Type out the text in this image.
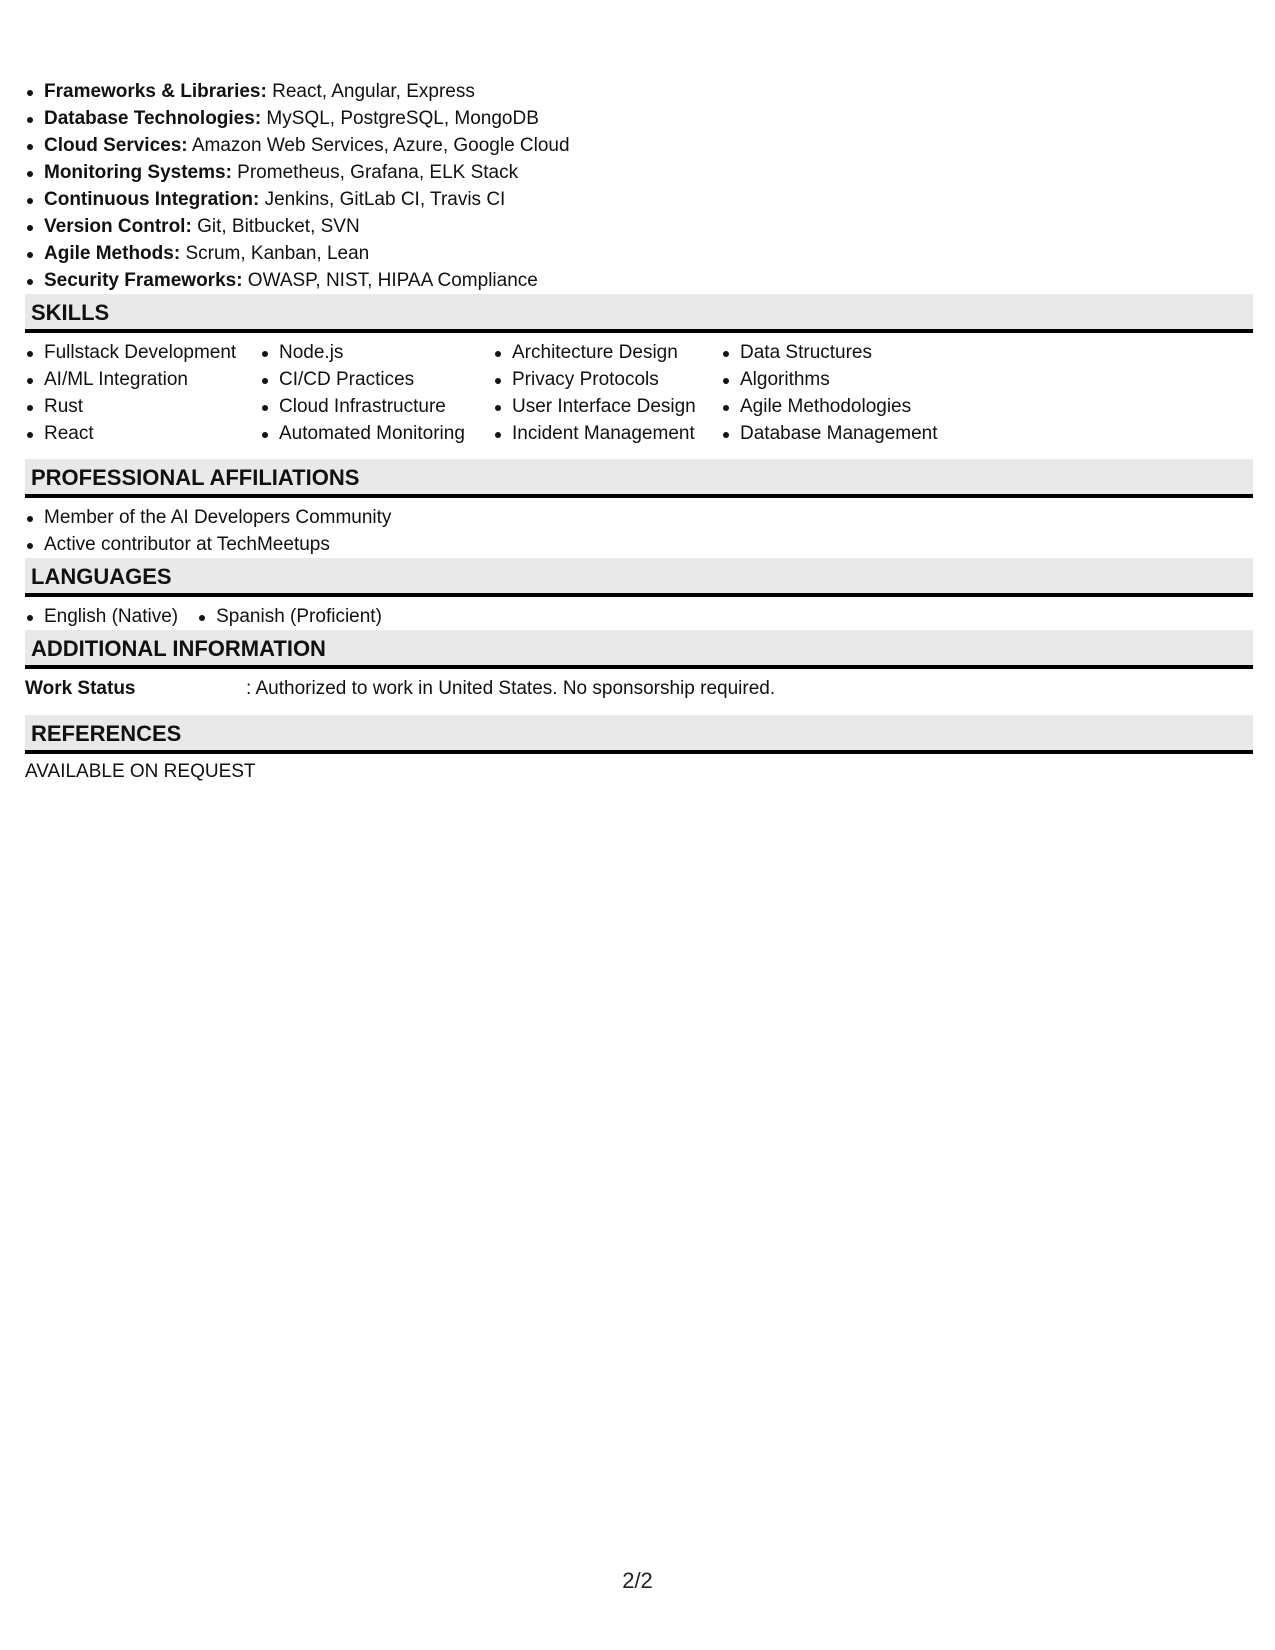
Frameworks & Libraries: React, Angular, Express
Database Technologies: MySQL, PostgreSQL, MongoDB
Cloud Services: Amazon Web Services, Azure, Google Cloud
Monitoring Systems: Prometheus, Grafana, ELK Stack
Continuous Integration: Jenkins, GitLab CI, Travis CI
Version Control: Git, Bitbucket, SVN
Agile Methods: Scrum, Kanban, Lean
Security Frameworks: OWASP, NIST, HIPAA Compliance
SKILLS
Fullstack Development
AI/ML Integration
Rust
React
Node.js
CI/CD Practices
Cloud Infrastructure
Automated Monitoring
Architecture Design
Privacy Protocols
User Interface Design
Incident Management
Data Structures
Algorithms
Agile Methodologies
Database Management
PROFESSIONAL AFFILIATIONS
Member of the AI Developers Community
Active contributor at TechMeetups
LANGUAGES
English (Native)	Spanish (Proficient)
ADDITIONAL INFORMATION
Work Status	: Authorized to work in United States. No sponsorship required.
REFERENCES
AVAILABLE ON REQUEST
2/2
